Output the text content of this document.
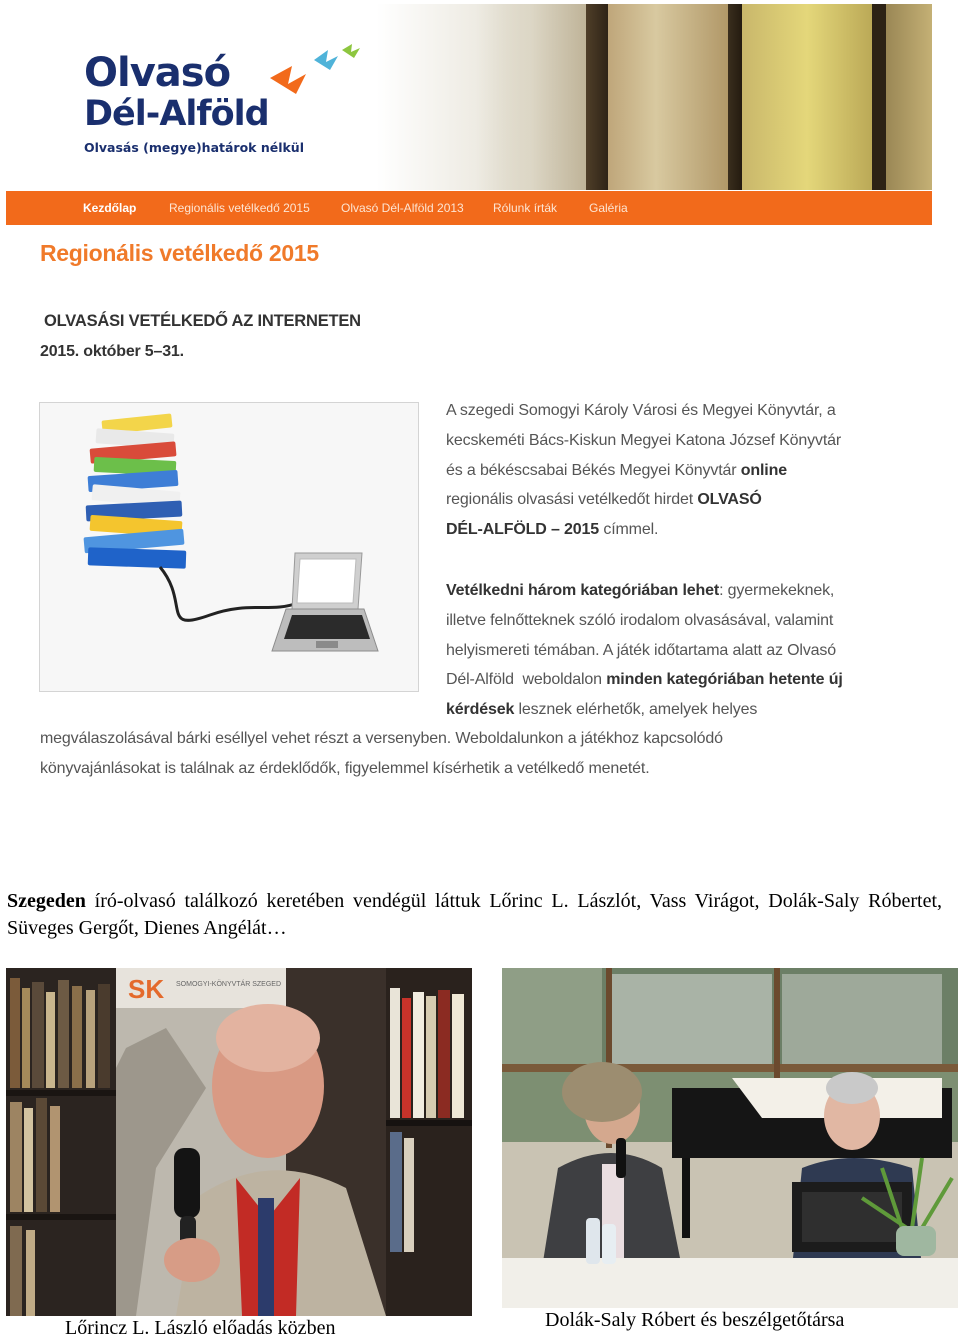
Olvasó
Dél-Alföld
Olvasás (megye)határok nélkül
Kezdőlap	Regionális vetélkedő 2015	Olvasó Dél-Alföld 2013 Rólunk írták	Galéria
Regionális vetélkedő 2015
OLVASÁSI VETÉLKEDŐ AZ INTERNETEN
2015. október 5–31.
A szegedi Somogyi Károly Városi és Megyei Könyvtár, a
kecskeméti Bács-Kiskun Megyei Katona József Könyvtár
és a békéscsabai Békés Megyei Könyvtár online
regionális olvasási vetélkedőt hirdet OLVASÓ
DÉL-ALFÖLD – 2015 címmel.
Vetélkedni három kategóriában lehet: gyermekeknek,
illetve felnőtteknek szóló irodalom olvasásával, valamint
helyismereti témában. A játék időtartama alatt az Olvasó
Dél-Alföld  weboldalon minden kategóriában hetente új
kérdések lesznek elérhetők, amelyek helyes
megválaszolásával bárki eséllyel vehet részt a versenyben. Weboldalunkon a játékhoz kapcsolódó
könyvajánlásokat is találnak az érdeklődők, figyelemmel kísérhetik a vetélkedő menetét.
Szegeden író-olvasó találkozó keretében vendégül láttuk Lőrinc L. Lászlót, Vass Virágot, Dolák-Saly Róbertet, Süveges Gergőt, Dienes Angélát…
SK SOMOGYI-KÖNYVTÁR SZEGED
Lőrincz L. László előadás közben	Dolák-Saly Róbert és beszélgetőtársa
